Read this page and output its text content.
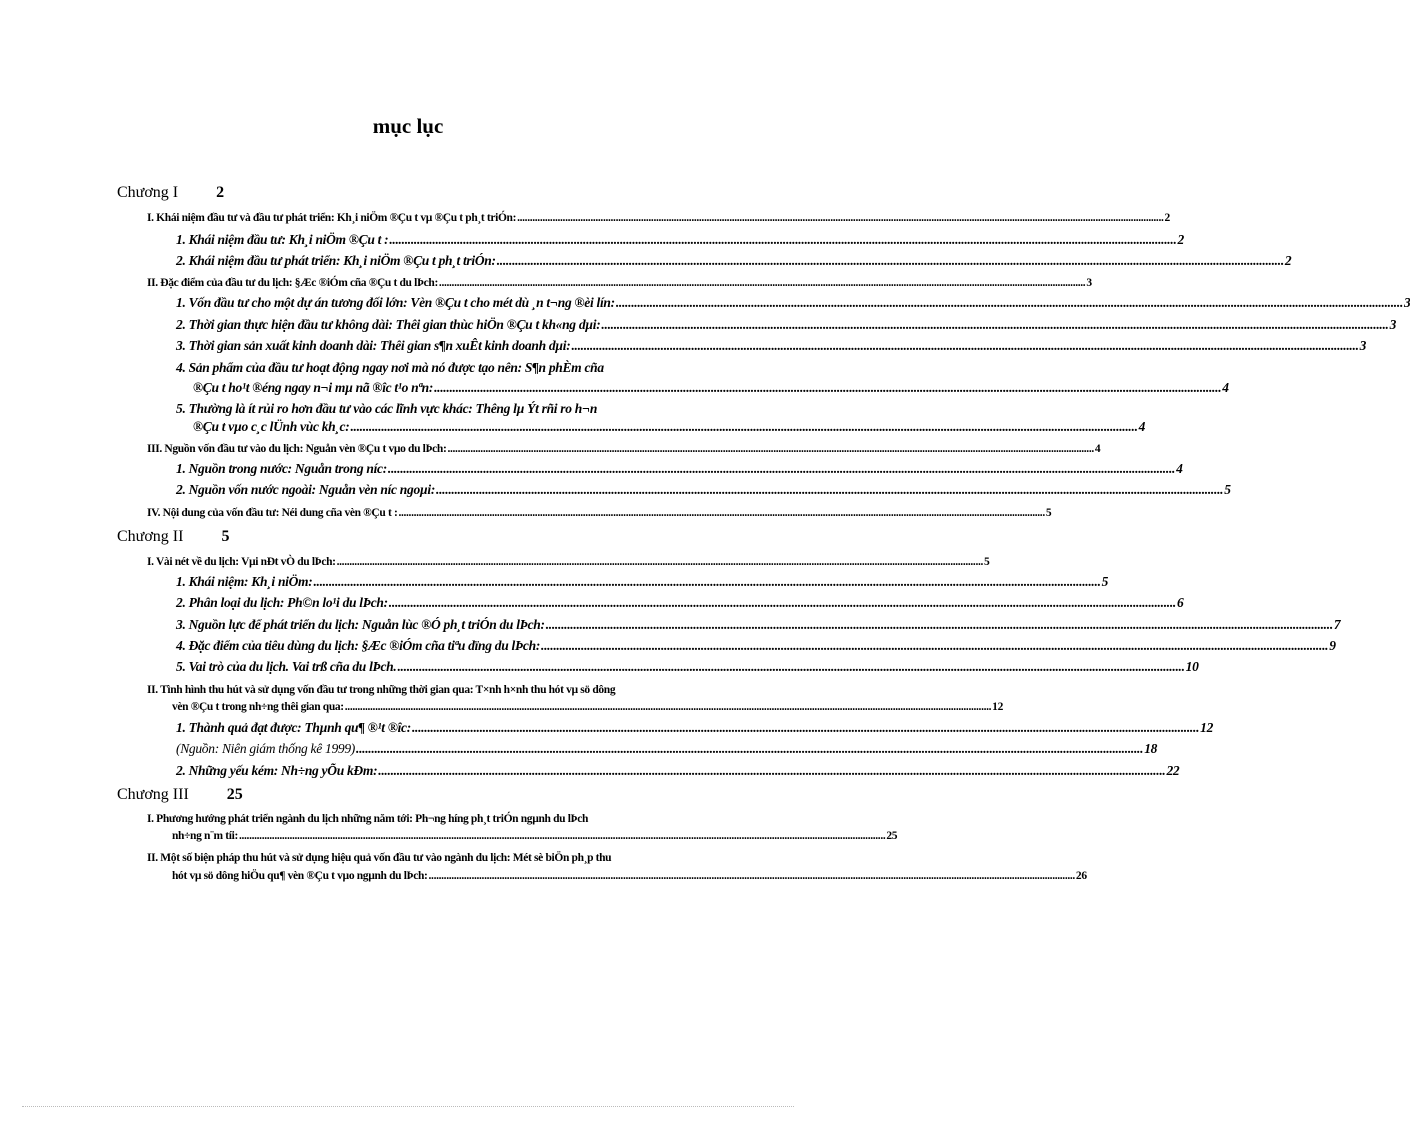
mục lục
Chương I 2
I. Khái niệm đầu tư và đầu tư phát triển: Kh¸i niÖm ®Çu t vµ ®Çu t ph¸t triÓn: .....	2
1. Khái niệm đầu tư: Kh¸i niÖm ®Çu t : .....	2
2. Khái niệm đầu tư phát triển: Kh¸i niÖm ®Çu t ph¸t triÓn: .....	2
II. Đặc điểm của đầu tư du lịch: §Æc ®iÓm cña ®Çu t du lÞch: .....	3
1. Vốn đầu tư cho một dự án tương đối lớn: Vèn ®Çu t cho mét dù ¸n t¬ng ®èi lín: .....	3
2. Thời gian thực hiện đầu tư không dài: Thêi gian thùc hiÖn ®Çu t kh«ng dµi: .....	3
3. Thời gian sản xuất kinh doanh dài: Thêi gian s¶n xuÊt kinh doanh dµi: .....	3
4. Sản phẩm của đầu tư hoạt động ngay nơi mà nó được tạo nên: S¶n phÈm cña
®Çu t ho¹t ®éng ngay n¬i mµ nã ®îc t¹o nªn: .....	4
5. Thường là ít rủi ro hơn đầu tư vào các lĩnh vực khác: Thêng lµ Ýt rñi ro h¬n
®Çu t vµo c¸c lÜnh vùc kh¸c: .....	4
III. Nguồn vốn đầu tư vào du lịch: Nguån vèn ®Çu t vµo du lÞch: .....	4
1. Nguồn trong nước: Nguån trong níc: .....	4
2. Nguồn vốn nước ngoài: Nguån vèn níc ngoµi: .....	5
IV. Nội dung của vốn đầu tư: Néi dung cña vèn ®Çu t : .....	5
Chương II 5
I. Vài nét về du lịch: Vµi nÐt vÒ du lÞch: .....	5
1. Khái niệm: Kh¸i niÖm: .....	5
2. Phân loại du lịch: Ph©n lo¹i du lÞch: .....	6
3. Nguồn lực để phát triển du lịch: Nguån lùc ®Ó ph¸t triÓn du lÞch: .....	7
4. Đặc điểm của tiêu dùng du lịch: §Æc ®iÓm cña tiªu dïng du lÞch: .....	9
5. Vai trò của du lịch. Vai trß cña du lÞch. .....	10
II. Tình hình thu hút và sử dụng vốn đầu tư trong những thời gian qua: T×nh h×nh thu hót vµ sö dông
vèn ®Çu t trong nh÷ng thêi gian qua: .....	12
1. Thành quả đạt được: Thµnh qu¶ ®¹t ®îc: .....	12
(Nguồn: Niên giám thống kê 1999) .....	18
2. Những yếu kém: Nh÷ng yÕu kÐm: .....	22
Chương III 25
I. Phương hướng phát triển ngành du lịch những năm tới: Ph¬ng híng ph¸t triÓn ngµnh du lÞch
nh÷ng n¨m tíi: .....	25
II. Một số biện pháp thu hút và sử dụng hiệu quả vốn đầu tư vào ngành du lịch: Mét sè biÖn ph¸p thu
hót vµ sö dông hiÖu qu¶ vèn ®Çu t vµo ngµnh du lÞch: .....	26
